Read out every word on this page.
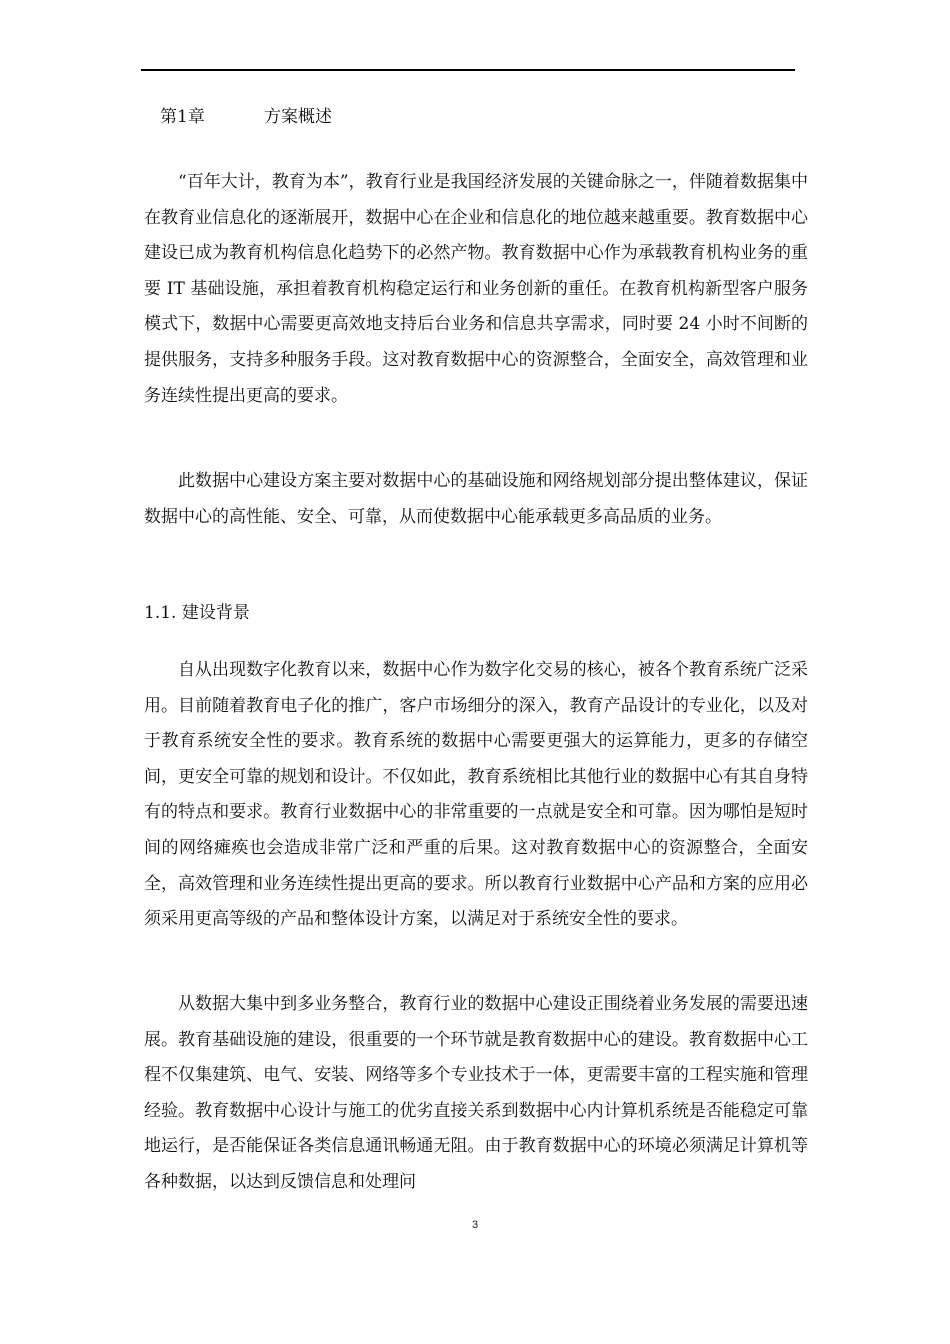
第1章	方案概述

“百年大计，教育为本”，教育行业是我国经济发展的关键命脉之一，伴随着数据集中在教育业信息化的逐渐展开，数据中心在企业和信息化的地位越来越重要。教育数据中心建设已成为教育机构信息化趋势下的必然产物。教育数据中心作为承载教育机构业务的重要 IT 基础设施，承担着教育机构稳定运行和业务创新的重任。在教育机构新型客户服务模式下，数据中心需要更高效地支持后台业务和信息共享需求，同时要 24 小时不间断的提供服务，支持多种服务手段。这对教育数据中心的资源整合，全面安全，高效管理和业务连续性提出更高的要求。

此数据中心建设方案主要对数据中心的基础设施和网络规划部分提出整体建议，保证数据中心的高性能、安全、可靠，从而使数据中心能承载更多高品质的业务。

1.1. 建设背景

自从出现数字化教育以来，数据中心作为数字化交易的核心，被各个教育系统广泛采用。目前随着教育电子化的推广，客户市场细分的深入，教育产品设计的专业化，以及对于教育系统安全性的要求。教育系统的数据中心需要更强大的运算能力，更多的存储空间，更安全可靠的规划和设计。不仅如此，教育系统相比其他行业的数据中心有其自身特有的特点和要求。教育行业数据中心的非常重要的一点就是安全和可靠。因为哪怕是短时间的网络瘫痪也会造成非常广泛和严重的后果。这对教育数据中心的资源整合，全面安全，高效管理和业务连续性提出更高的要求。所以教育行业数据中心产品和方案的应用必须采用更高等级的产品和整体设计方案，以满足对于系统安全性的要求。

从数据大集中到多业务整合，教育行业的数据中心建设正围绕着业务发展的需要迅速展。教育基础设施的建设，很重要的一个环节就是教育数据中心的建设。教育数据中心工程不仅集建筑、电气、安装、网络等多个专业技术于一体，更需要丰富的工程实施和管理经验。教育数据中心设计与施工的优劣直接关系到数据中心内计算机系统是否能稳定可靠地运行，是否能保证各类信息通讯畅通无阻。由于教育数据中心的环境必须满足计算机等各种数据，以达到反馈信息和处理问

3
